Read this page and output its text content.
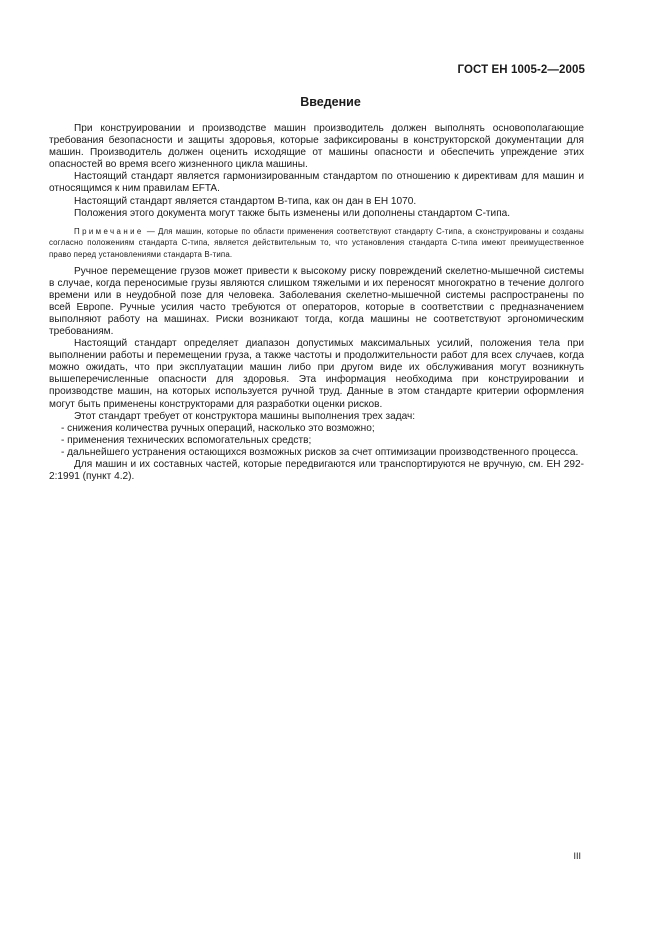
ГОСТ ЕН 1005-2—2005
Введение

При конструировании и производстве машин производитель должен выполнять основополагающие требования безопасности и защиты здоровья, которые зафиксированы в конструкторской документации для машин. Производитель должен оценить исходящие от машины опасности и обеспечить упреждение этих опасностей во время всего жизненного цикла машины.

Настоящий стандарт является гармонизированным стандартом по отношению к директивам для машин и относящимся к ним правилам EFTA.

Настоящий стандарт является стандартом В-типа, как он дан в ЕН 1070.

Положения этого документа могут также быть изменены или дополнены стандартом С-типа.

Примечание — Для машин, которые по области применения соответствуют стандарту С-типа, а сконструированы и созданы согласно положениям стандарта С-типа, является действительным то, что установления стандарта С-типа имеют преимущественное право перед установлениями стандарта В-типа.

Ручное перемещение грузов может привести к высокому риску повреждений скелетно-мышечной системы в случае, когда переносимые грузы являются слишком тяжелыми и их переносят многократно в течение долгого времени или в неудобной позе для человека. Заболевания скелетно-мышечной системы распространены по всей Европе. Ручные усилия часто требуются от операторов, которые в соответствии с предназначением выполняют работу на машинах. Риски возникают тогда, когда машины не соответствуют эргономическим требованиям.

Настоящий стандарт определяет диапазон допустимых максимальных усилий, положения тела при выполнении работы и перемещении груза, а также частоты и продолжительности работ для всех случаев, когда можно ожидать, что при эксплуатации машин либо при другом виде их обслуживания могут возникнуть вышеперечисленные опасности для здоровья. Эта информация необходима при конструировании и производстве машин, на которых используется ручной труд. Данные в этом стандарте критерии оформления могут быть применены конструкторами для разработки оценки рисков.

Этот стандарт требует от конструктора машины выполнения трех задач:

- снижения количества ручных операций, насколько это возможно;

- применения технических вспомогательных средств;

- дальнейшего устранения остающихся возможных рисков за счет оптимизации производственного процесса.

Для машин и их составных частей, которые передвигаются или транспортируются не вручную, см. ЕН 292-2:1991 (пункт 4.2).

III
